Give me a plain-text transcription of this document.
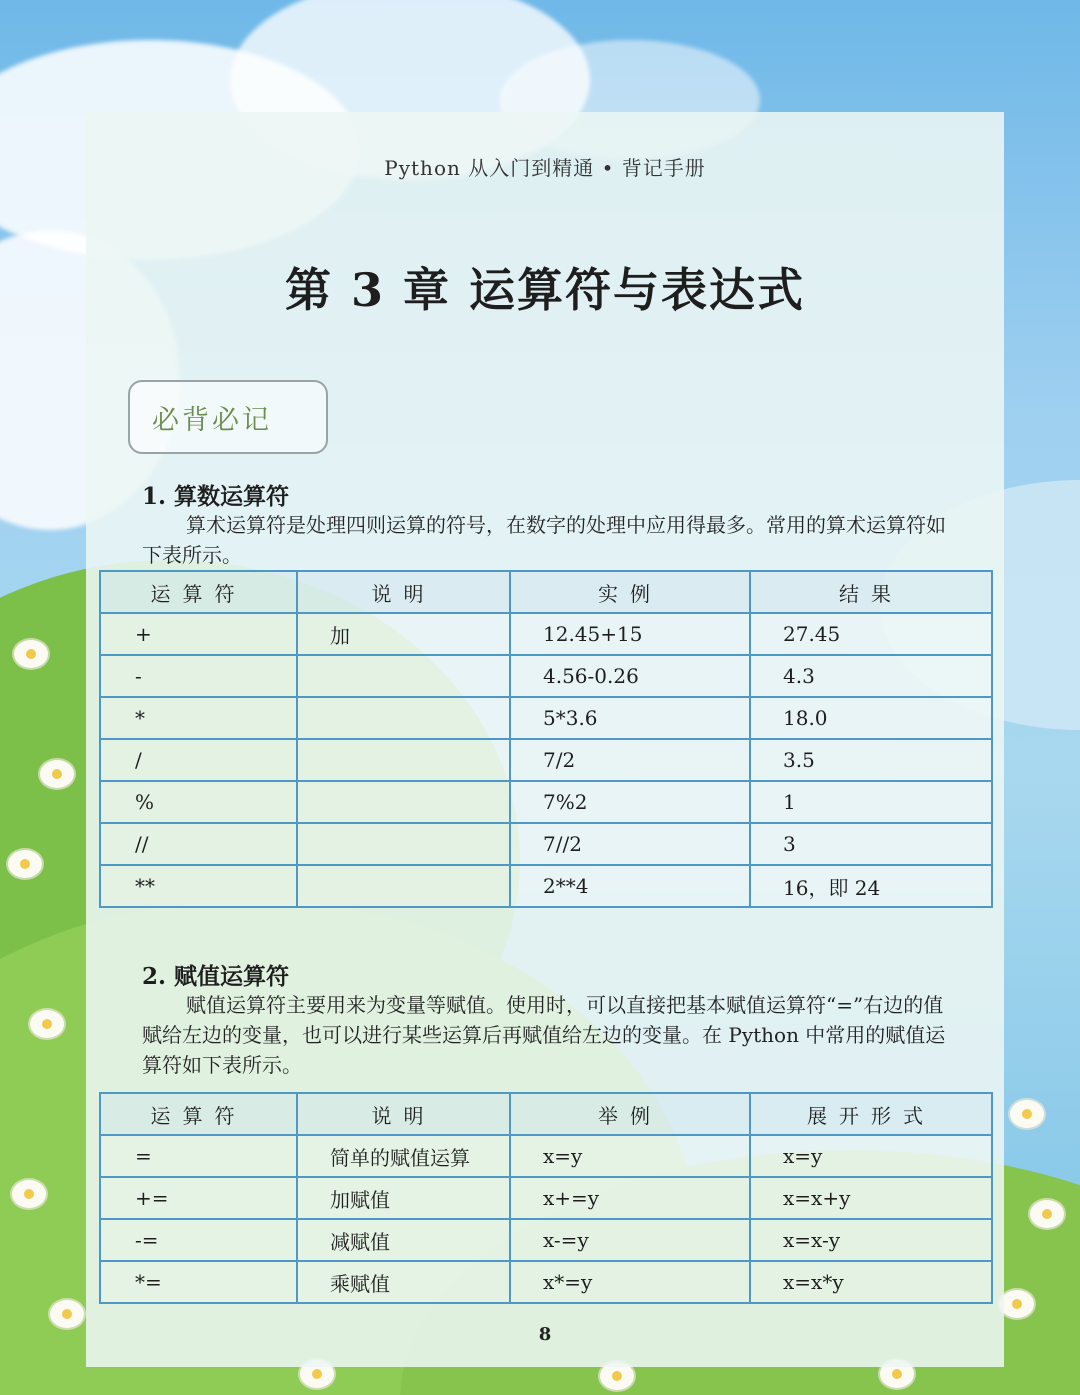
Python 从入门到精通 • 背记手册
第 3 章 运算符与表达式
必背必记
1. 算数运算符
算术运算符是处理四则运算的符号，在数字的处理中应用得最多。常用的算术运算符如下表所示。
运算符	说明	实例	结果
+	加	12.45+15	27.45
-		4.56-0.26	4.3
*		5*3.6	18.0
/		7/2	3.5
%		7%2	1
//		7//2	3
**		2**4	16，即 24
2. 赋值运算符
赋值运算符主要用来为变量等赋值。使用时，可以直接把基本赋值运算符“=”右边的值赋给左边的变量，也可以进行某些运算后再赋值给左边的变量。在 Python 中常用的赋值运算符如下表所示。
运算符	说明	举例	展开形式
=	简单的赋值运算	x=y	x=y
+=	加赋值	x+=y	x=x+y
-=	减赋值	x-=y	x=x-y
*=	乘赋值	x*=y	x=x*y
8
